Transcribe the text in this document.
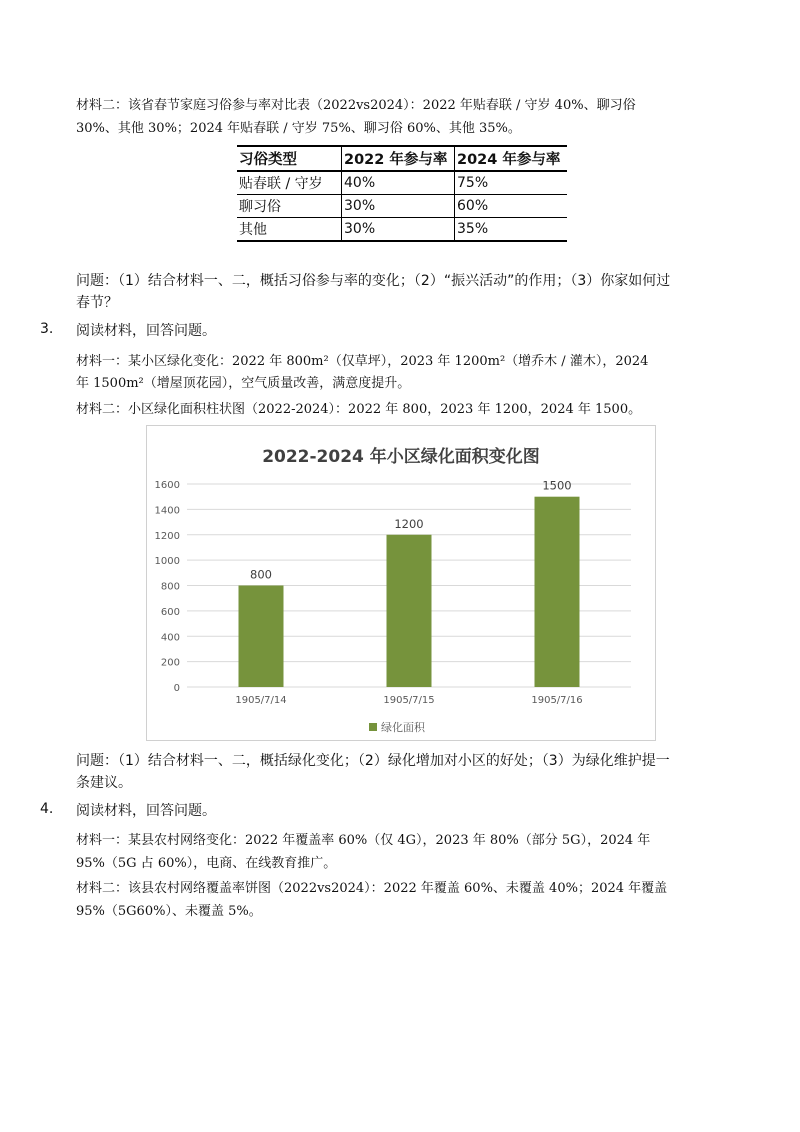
材料二：该省春节家庭习俗参与率对比表（2022vs2024）：2022 年贴春联 / 守岁 40%、聊习俗
30%、其他 30%；2024 年贴春联 / 守岁 75%、聊习俗 60%、其他 35%。
习俗类型	2022 年参与率	2024 年参与率
贴春联 / 守岁	40%	75%
聊习俗	30%	60%
其他	30%	35%
问题：（1）结合材料一、二，概括习俗参与率的变化；（2）“振兴活动”的作用；（3）你家如何过
春节？
3. 阅读材料，回答问题。
材料一：某小区绿化变化：2022 年 800m²（仅草坪），2023 年 1200m²（增乔木 / 灌木），2024
年 1500m²（增屋顶花园），空气质量改善，满意度提升。
材料二：小区绿化面积柱状图（2022-2024）：2022 年 800，2023 年 1200，2024 年 1500。
2022-2024 年小区绿化面积变化图
0
200
400
600
800
1000
1200
1400
1600
800
1905/7/14
1200
1905/7/15
1500
1905/7/16
绿化面积
问题：（1）结合材料一、二，概括绿化变化；（2）绿化增加对小区的好处；（3）为绿化维护提一
条建议。
4. 阅读材料，回答问题。
材料一：某县农村网络变化：2022 年覆盖率 60%（仅 4G），2023 年 80%（部分 5G），2024 年
95%（5G 占 60%），电商、在线教育推广。
材料二：该县农村网络覆盖率饼图（2022vs2024）：2022 年覆盖 60%、未覆盖 40%；2024 年覆盖
95%（5G60%）、未覆盖 5%。
